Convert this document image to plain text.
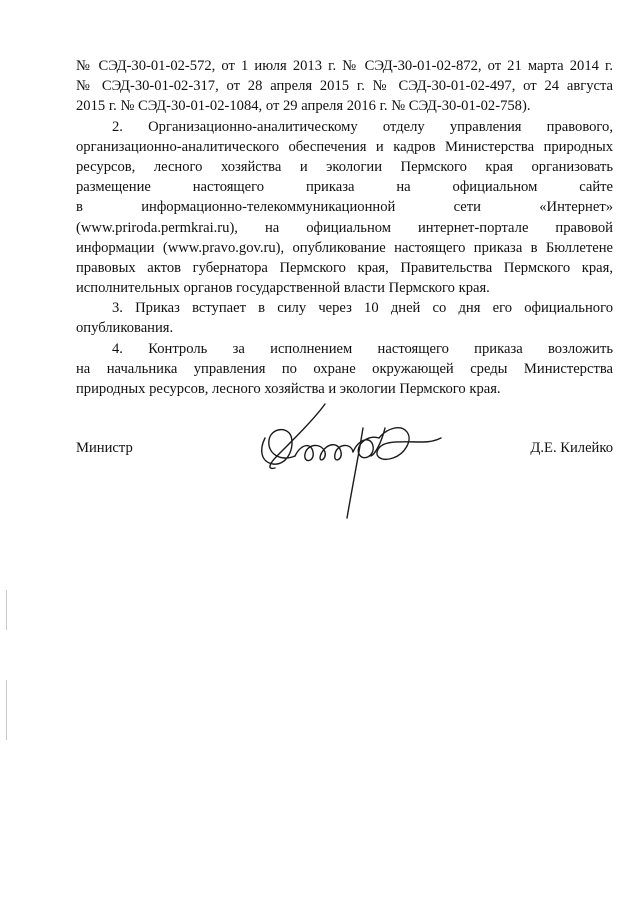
№ СЭД-30-01-02-572, от 1 июля 2013 г. № СЭД-30-01-02-872, от 21 марта 2014 г.
№ СЭД-30-01-02-317, от 28 апреля 2015 г. № СЭД-30-01-02-497, от 24 августа
2015 г. № СЭД-30-01-02-1084, от 29 апреля 2016 г. № СЭД-30-01-02-758).
2. Организационно-аналитическому отделу управления правового,
организационно-аналитического обеспечения и кадров Министерства природных
ресурсов, лесного хозяйства и экологии Пермского края организовать
размещение настоящего приказа на официальном сайте
в информационно-телекоммуникационной сети «Интернет»
(www.priroda.permkrai.ru), на официальном интернет-портале правовой
информации (www.pravo.gov.ru), опубликование настоящего приказа в Бюллетене
правовых актов губернатора Пермского края, Правительства Пермского края,
исполнительных органов государственной власти Пермского края.
3. Приказ вступает в силу через 10 дней со дня его официального
опубликования.
4. Контроль за исполнением настоящего приказа возложить
на начальника управления по охране окружающей среды Министерства
природных ресурсов, лесного хозяйства и экологии Пермского края.
Министр	Д.Е. Килейко
